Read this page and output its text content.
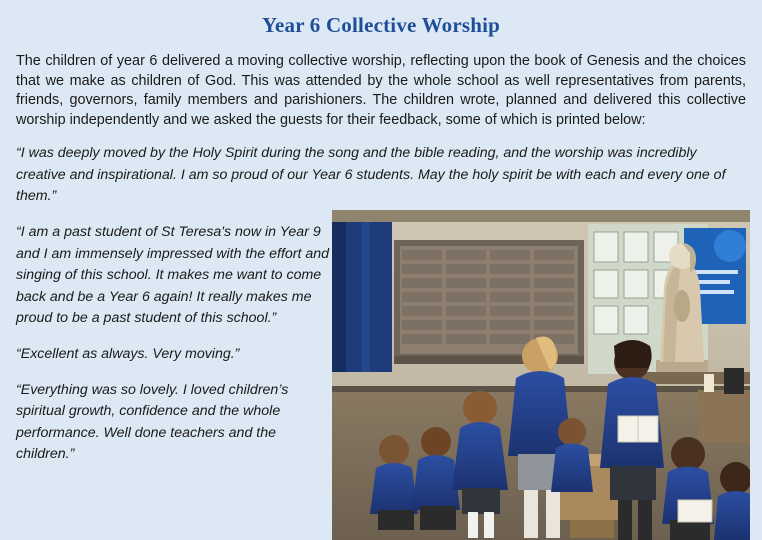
Year 6 Collective Worship

The children of year 6 delivered a moving collective worship, reflecting upon the book of Genesis and the choices that we make as children of God. This was attended by the whole school as well representatives from parents, friends, governors, family members and parishioners. The children wrote, planned and delivered this collective worship independently and we asked the guests for their feedback, some of which is printed below:

“I was deeply moved by the Holy Spirit during the song and the bible reading, and the worship was incredibly creative and inspirational. I am so proud of our Year 6 students. May the holy spirit be with each and every one of them.”

“I am a past student of St Teresa's now in Year 9 and I am immensely impressed with the effort and singing of this school. It makes me want to come back and be a Year 6 again! It really makes me proud to be a past student of this school.”

“Excellent as always. Very moving.”

“Everything was so lovely. I loved children’s spiritual growth, confidence and the whole performance. Well done teachers and the children.”
